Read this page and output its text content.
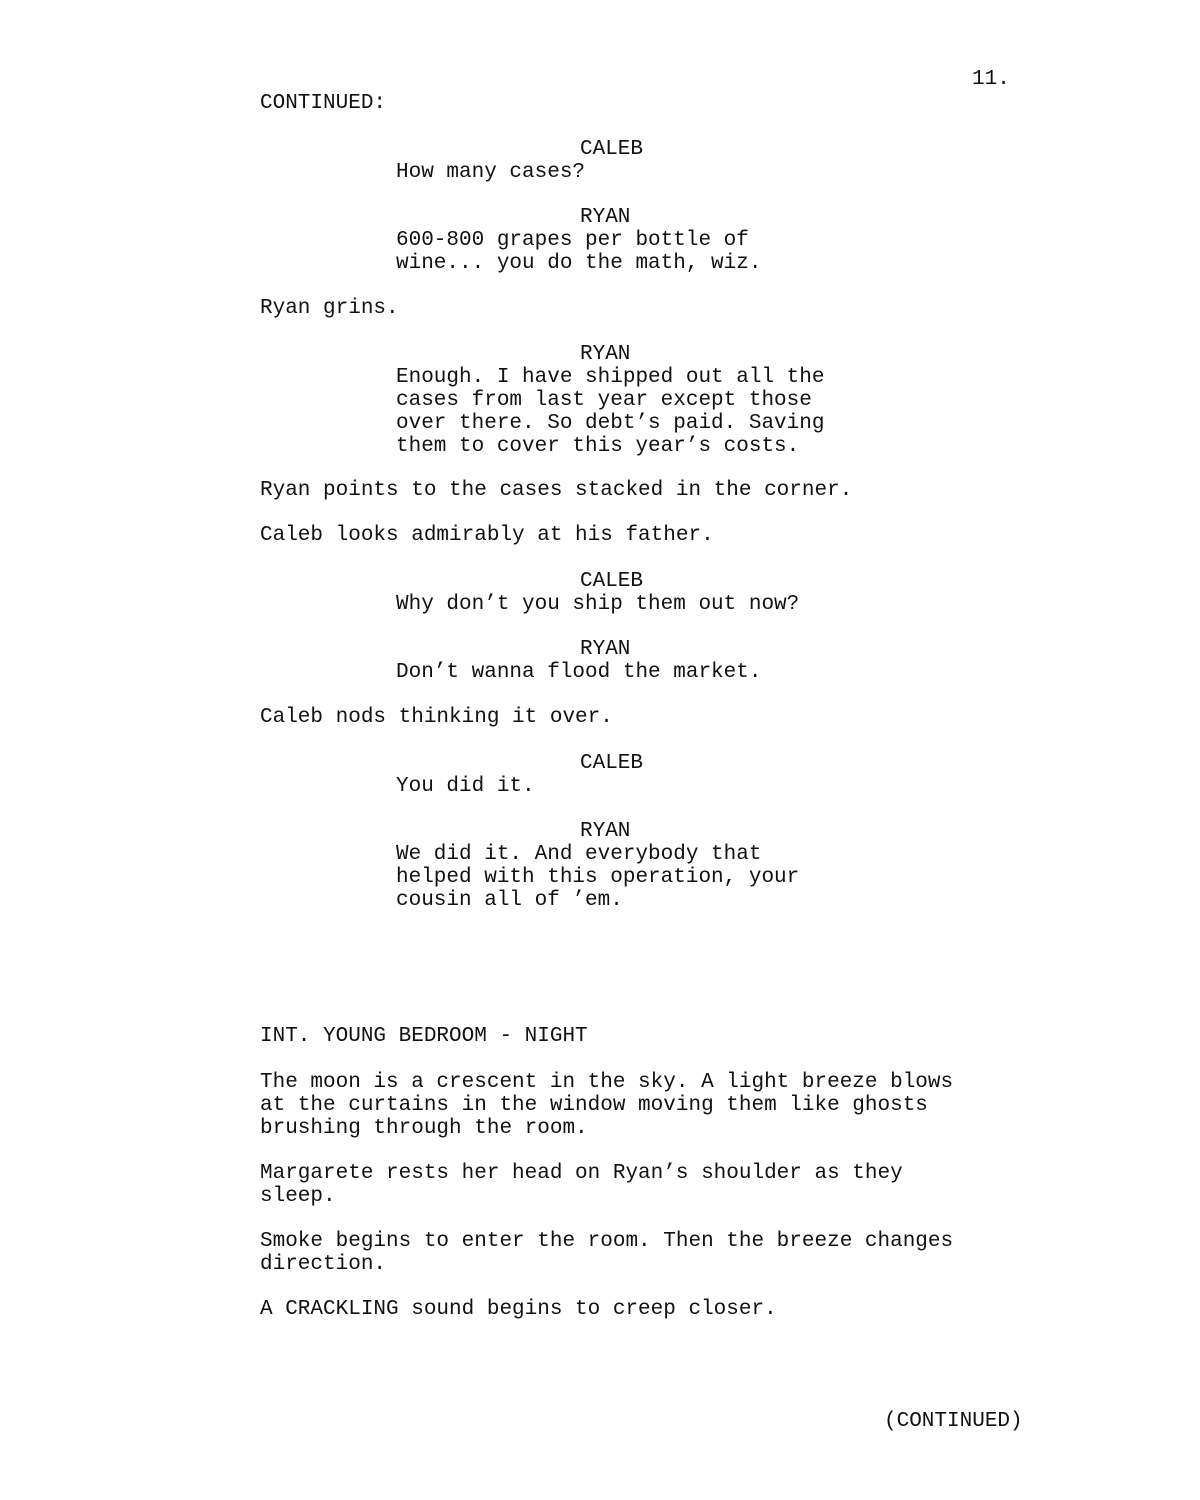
11.
CONTINUED:
CALEB
How many cases?
RYAN
600-800 grapes per bottle of
wine... you do the math, wiz.
Ryan grins.
RYAN
Enough. I have shipped out all the
cases from last year except those
over there. So debt’s paid. Saving
them to cover this year’s costs.
Ryan points to the cases stacked in the corner.
Caleb looks admirably at his father.
CALEB
Why don’t you ship them out now?
RYAN
Don’t wanna flood the market.
Caleb nods thinking it over.
CALEB
You did it.
RYAN
We did it. And everybody that
helped with this operation, your
cousin all of ’em.
INT. YOUNG BEDROOM - NIGHT
The moon is a crescent in the sky. A light breeze blows
at the curtains in the window moving them like ghosts
brushing through the room.
Margarete rests her head on Ryan’s shoulder as they
sleep.
Smoke begins to enter the room. Then the breeze changes
direction.
A CRACKLING sound begins to creep closer.
(CONTINUED)
